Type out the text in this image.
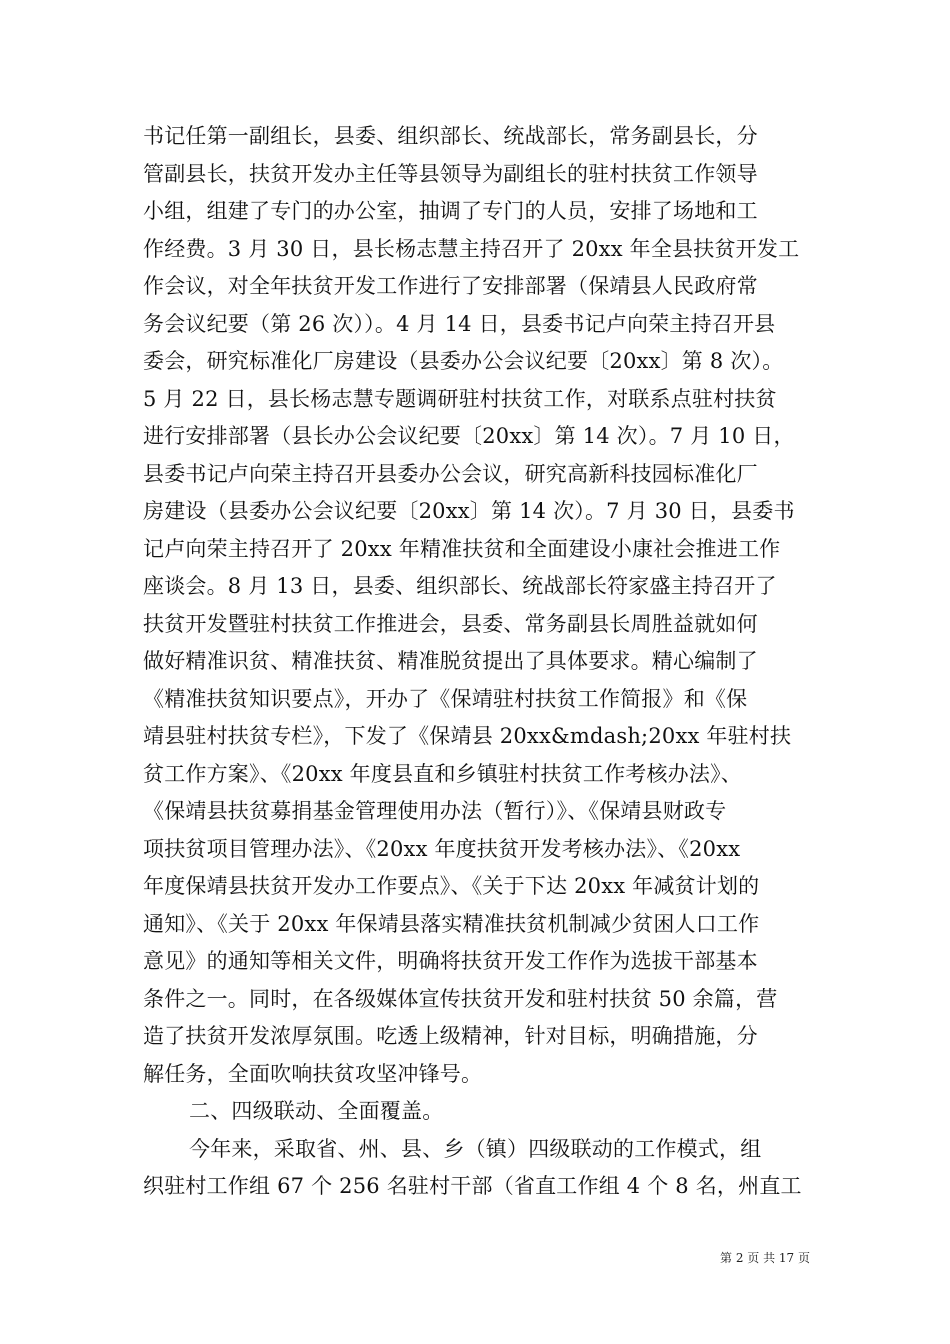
书记任第一副组长，县委、组织部长、统战部长，常务副县长，分
管副县长，扶贫开发办主任等县领导为副组长的驻村扶贫工作领导
小组，组建了专门的办公室，抽调了专门的人员，安排了场地和工
作经费。3 月 30 日，县长杨志慧主持召开了 20xx 年全县扶贫开发工
作会议，对全年扶贫开发工作进行了安排部署（保靖县人民政府常
务会议纪要（第 26 次））。4 月 14 日，县委书记卢向荣主持召开县
委会，研究标准化厂房建设（县委办公会议纪要〔20xx〕第 8 次）。
5 月 22 日，县长杨志慧专题调研驻村扶贫工作，对联系点驻村扶贫
进行安排部署（县长办公会议纪要〔20xx〕第 14 次）。7 月 10 日，
县委书记卢向荣主持召开县委办公会议，研究高新科技园标准化厂
房建设（县委办公会议纪要〔20xx〕第 14 次）。7 月 30 日，县委书
记卢向荣主持召开了 20xx 年精准扶贫和全面建设小康社会推进工作
座谈会。8 月 13 日，县委、组织部长、统战部长符家盛主持召开了
扶贫开发暨驻村扶贫工作推进会，县委、常务副县长周胜益就如何
做好精准识贫、精准扶贫、精准脱贫提出了具体要求。精心编制了
《精准扶贫知识要点》，开办了《保靖驻村扶贫工作简报》和《保
靖县驻村扶贫专栏》，下发了《保靖县 20xx&mdash;20xx 年驻村扶
贫工作方案》、《20xx 年度县直和乡镇驻村扶贫工作考核办法》、
《保靖县扶贫募捐基金管理使用办法（暂行）》、《保靖县财政专
项扶贫项目管理办法》、《20xx 年度扶贫开发考核办法》、《20xx
年度保靖县扶贫开发办工作要点》、《关于下达 20xx 年减贫计划的
通知》、《关于 20xx 年保靖县落实精准扶贫机制减少贫困人口工作
意见》的通知等相关文件，明确将扶贫开发工作作为选拔干部基本
条件之一。同时，在各级媒体宣传扶贫开发和驻村扶贫 50 余篇，营
造了扶贫开发浓厚氛围。吃透上级精神，针对目标，明确措施，分
解任务，全面吹响扶贫攻坚冲锋号。
二、四级联动、全面覆盖。
今年来，采取省、州、县、乡（镇）四级联动的工作模式，组
织驻村工作组 67 个 256 名驻村干部（省直工作组 4 个 8 名，州直工
第 2 页 共 17 页
